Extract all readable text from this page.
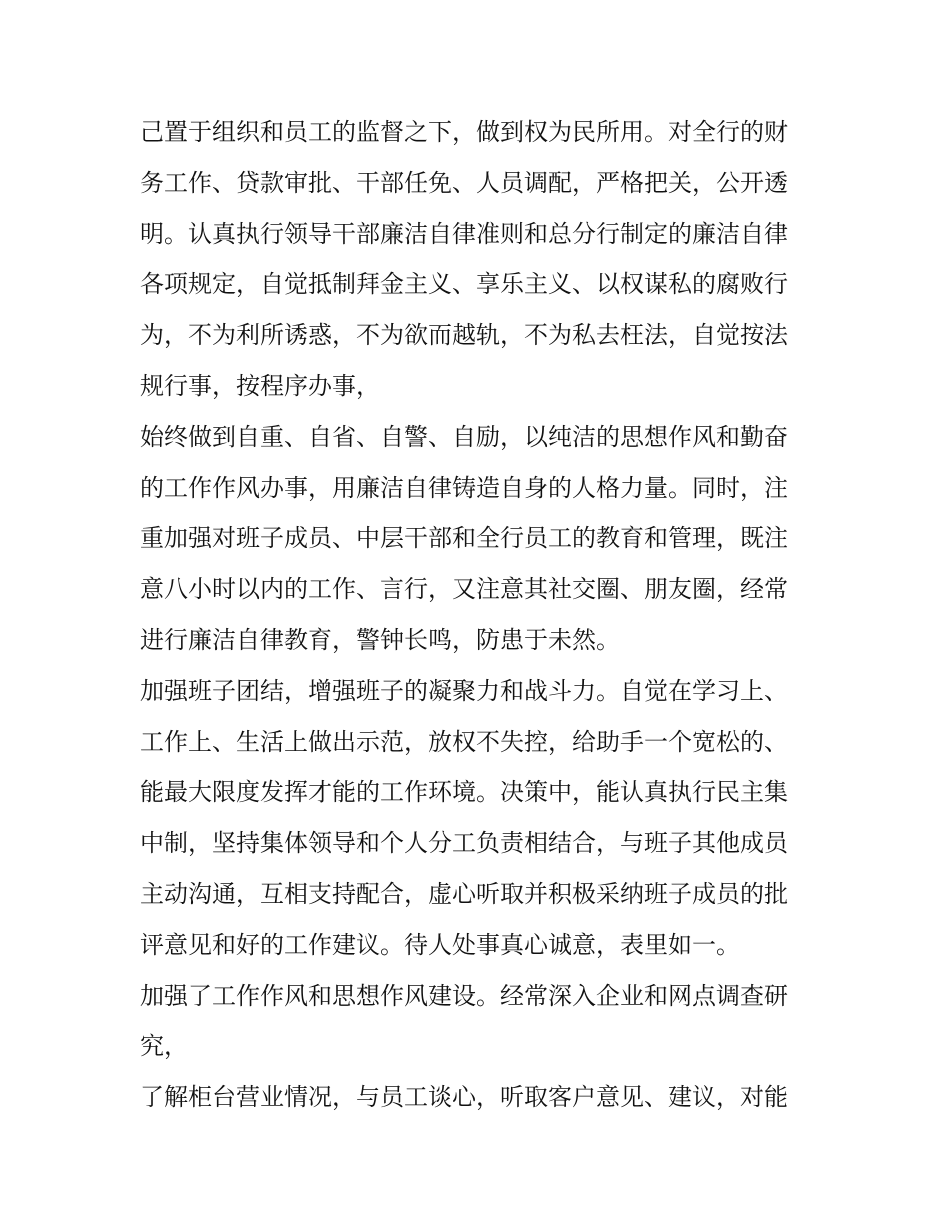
己置于组织和员工的监督之下，做到权为民所用。对全行的财
务工作、贷款审批、干部任免、人员调配，严格把关，公开透
明。认真执行领导干部廉洁自律准则和总分行制定的廉洁自律
各项规定，自觉抵制拜金主义、享乐主义、以权谋私的腐败行
为，不为利所诱惑，不为欲而越轨，不为私去枉法，自觉按法
规行事，按程序办事，
始终做到自重、自省、自警、自励，以纯洁的思想作风和勤奋
的工作作风办事，用廉洁自律铸造自身的人格力量。同时，注
重加强对班子成员、中层干部和全行员工的教育和管理，既注
意八小时以内的工作、言行，又注意其社交圈、朋友圈，经常
进行廉洁自律教育，警钟长鸣，防患于未然。
加强班子团结，增强班子的凝聚力和战斗力。自觉在学习上、
工作上、生活上做出示范，放权不失控，给助手一个宽松的、
能最大限度发挥才能的工作环境。决策中，能认真执行民主集
中制，坚持集体领导和个人分工负责相结合，与班子其他成员
主动沟通，互相支持配合，虚心听取并积极采纳班子成员的批
评意见和好的工作建议。待人处事真心诚意，表里如一。
加强了工作作风和思想作风建设。经常深入企业和网点调查研
究，
了解柜台营业情况，与员工谈心，听取客户意见、建议，对能
